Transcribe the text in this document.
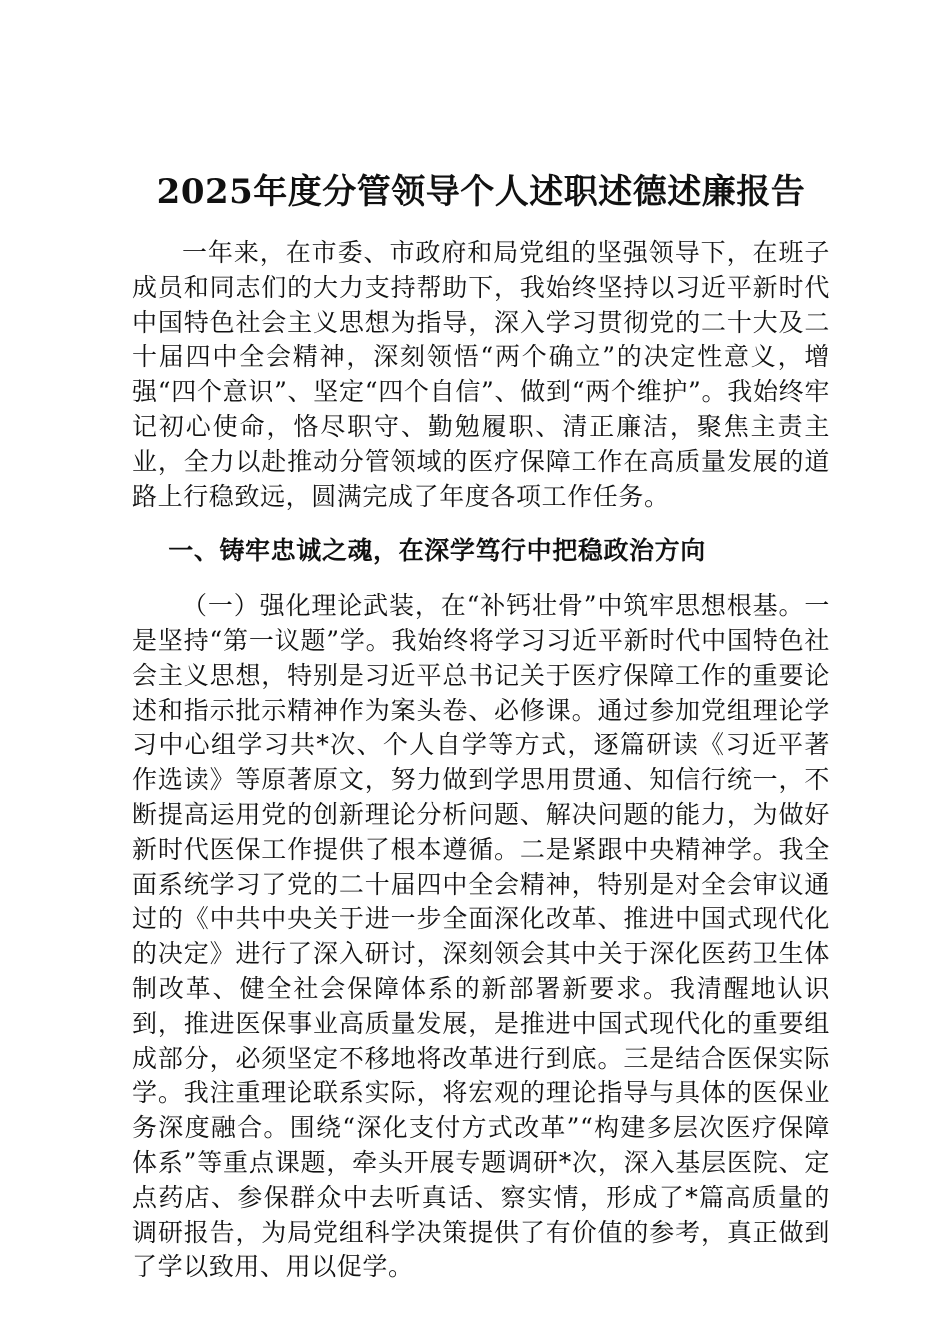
2025年度分管领导个人述职述德述廉报告

一年来，在市委、市政府和局党组的坚强领导下，在班子成员和同志们的大力支持帮助下，我始终坚持以习近平新时代中国特色社会主义思想为指导，深入学习贯彻党的二十大及二十届四中全会精神，深刻领悟“两个确立”的决定性意义，增强“四个意识”、坚定“四个自信”、做到“两个维护”。我始终牢记初心使命，恪尽职守、勤勉履职、清正廉洁，聚焦主责主业，全力以赴推动分管领域的医疗保障工作在高质量发展的道路上行稳致远，圆满完成了年度各项工作任务。

一、铸牢忠诚之魂，在深学笃行中把稳政治方向

（一）强化理论武装，在“补钙壮骨”中筑牢思想根基。一是坚持“第一议题”学。我始终将学习习近平新时代中国特色社会主义思想，特别是习近平总书记关于医疗保障工作的重要论述和指示批示精神作为案头卷、必修课。通过参加党组理论学习中心组学习共*次、个人自学等方式，逐篇研读《习近平著作选读》等原著原文，努力做到学思用贯通、知信行统一，不断提高运用党的创新理论分析问题、解决问题的能力，为做好新时代医保工作提供了根本遵循。二是紧跟中央精神学。我全面系统学习了党的二十届四中全会精神，特别是对全会审议通过的《中共中央关于进一步全面深化改革、推进中国式现代化的决定》进行了深入研讨，深刻领会其中关于深化医药卫生体制改革、健全社会保障体系的新部署新要求。我清醒地认识到，推进医保事业高质量发展，是推进中国式现代化的重要组成部分，必须坚定不移地将改革进行到底。三是结合医保实际学。我注重理论联系实际，将宏观的理论指导与具体的医保业务深度融合。围绕“深化支付方式改革”“构建多层次医疗保障体系”等重点课题，牵头开展专题调研*次，深入基层医院、定点药店、参保群众中去听真话、察实情，形成了*篇高质量的调研报告，为局党组科学决策提供了有价值的参考，真正做到了学以致用、用以促学。
